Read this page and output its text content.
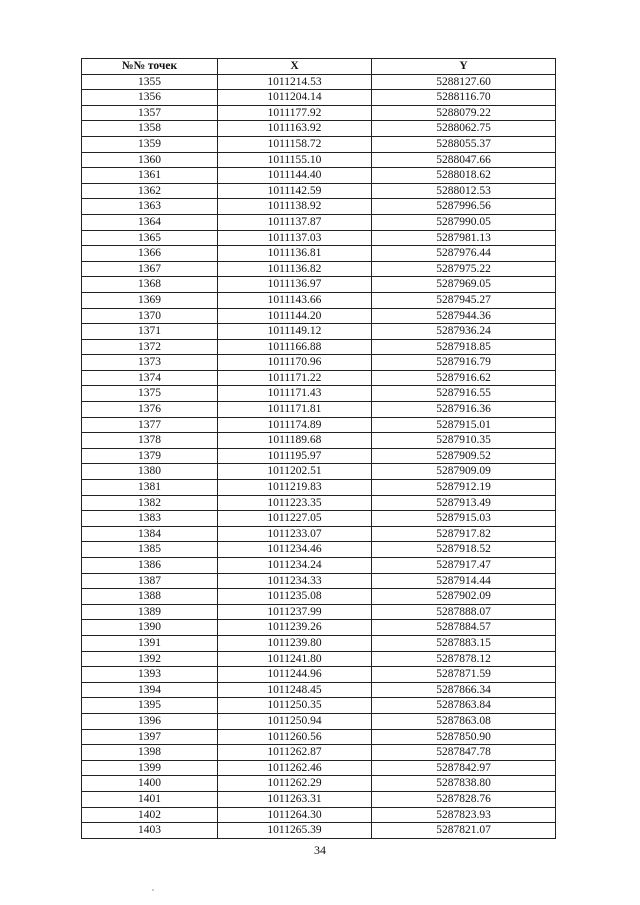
№№ точек	X	Y
1355	1011214.53	5288127.60
1356	1011204.14	5288116.70
1357	1011177.92	5288079.22
1358	1011163.92	5288062.75
1359	1011158.72	5288055.37
1360	1011155.10	5288047.66
1361	1011144.40	5288018.62
1362	1011142.59	5288012.53
1363	1011138.92	5287996.56
1364	1011137.87	5287990.05
1365	1011137.03	5287981.13
1366	1011136.81	5287976.44
1367	1011136.82	5287975.22
1368	1011136.97	5287969.05
1369	1011143.66	5287945.27
1370	1011144.20	5287944.36
1371	1011149.12	5287936.24
1372	1011166.88	5287918.85
1373	1011170.96	5287916.79
1374	1011171.22	5287916.62
1375	1011171.43	5287916.55
1376	1011171.81	5287916.36
1377	1011174.89	5287915.01
1378	1011189.68	5287910.35
1379	1011195.97	5287909.52
1380	1011202.51	5287909.09
1381	1011219.83	5287912.19
1382	1011223.35	5287913.49
1383	1011227.05	5287915.03
1384	1011233.07	5287917.82
1385	1011234.46	5287918.52
1386	1011234.24	5287917.47
1387	1011234.33	5287914.44
1388	1011235.08	5287902.09
1389	1011237.99	5287888.07
1390	1011239.26	5287884.57
1391	1011239.80	5287883.15
1392	1011241.80	5287878.12
1393	1011244.96	5287871.59
1394	1011248.45	5287866.34
1395	1011250.35	5287863.84
1396	1011250.94	5287863.08
1397	1011260.56	5287850.90
1398	1011262.87	5287847.78
1399	1011262.46	5287842.97
1400	1011262.29	5287838.80
1401	1011263.31	5287828.76
1402	1011264.30	5287823.93
1403	1011265.39	5287821.07
34
